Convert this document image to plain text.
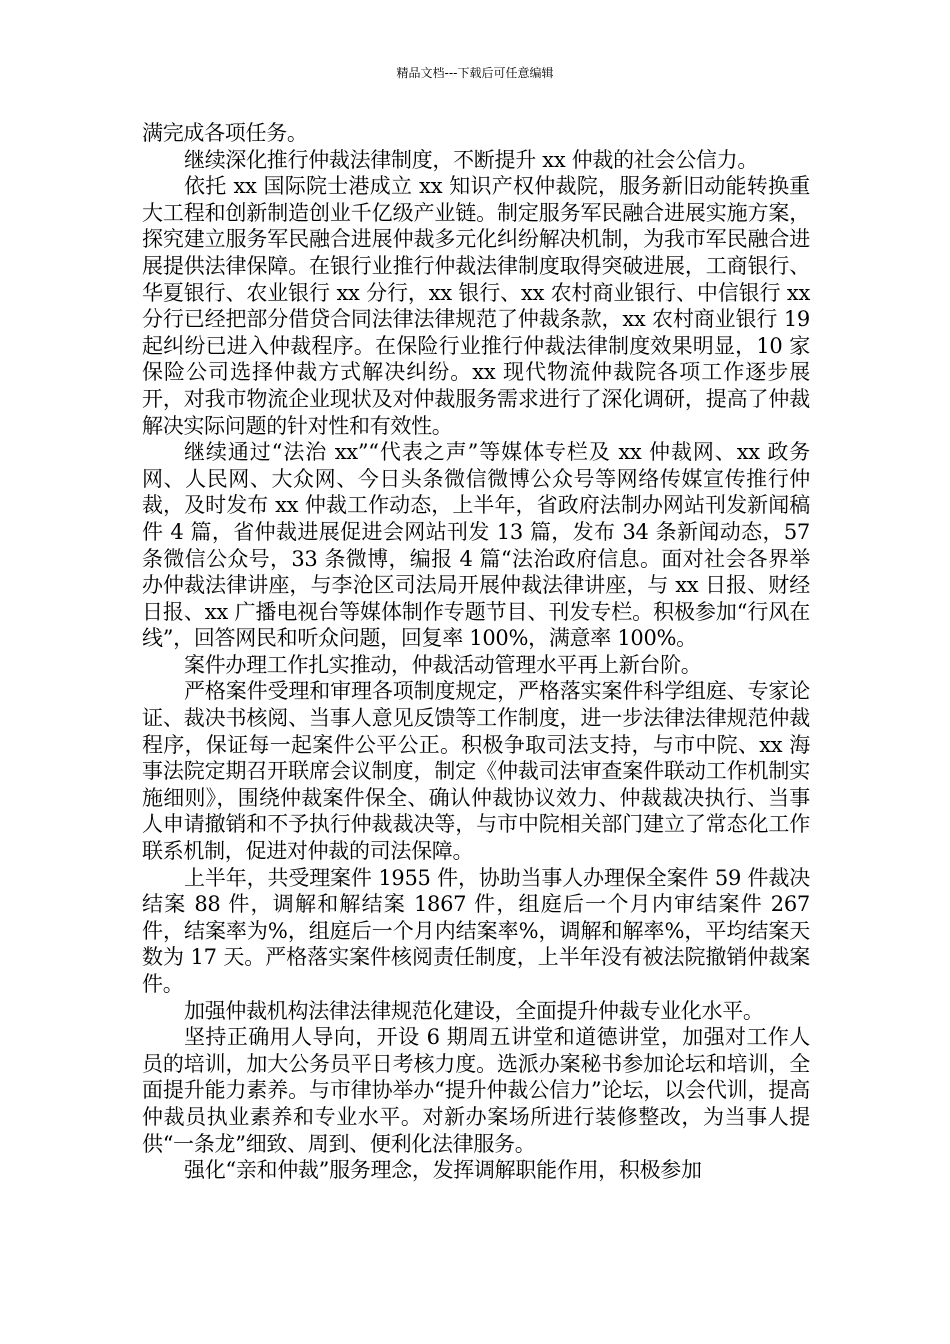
精品文档---下载后可任意编辑

满完成各项任务。

继续深化推行仲裁法律制度，不断提升 xx 仲裁的社会公信力。

依托 xx 国际院士港成立 xx 知识产权仲裁院，服务新旧动能转换重大工程和创新制造创业千亿级产业链。制定服务军民融合进展实施方案，探究建立服务军民融合进展仲裁多元化纠纷解决机制，为我市军民融合进展提供法律保障。在银行业推行仲裁法律制度取得突破进展，工商银行、华夏银行、农业银行 xx 分行，xx 银行、xx 农村商业银行、中信银行 xx 分行已经把部分借贷合同法律法律规范了仲裁条款，xx 农村商业银行 19 起纠纷已进入仲裁程序。在保险行业推行仲裁法律制度效果明显，10 家保险公司选择仲裁方式解决纠纷。xx 现代物流仲裁院各项工作逐步展开，对我市物流企业现状及对仲裁服务需求进行了深化调研，提高了仲裁解决实际问题的针对性和有效性。

继续通过“法治 xx”“代表之声”等媒体专栏及 xx 仲裁网、xx 政务网、人民网、大众网、今日头条微信微博公众号等网络传媒宣传推行仲裁，及时发布 xx 仲裁工作动态，上半年，省政府法制办网站刊发新闻稿件 4 篇，省仲裁进展促进会网站刊发 13 篇，发布 34 条新闻动态，57 条微信公众号，33 条微博，编报 4 篇“法治政府信息。面对社会各界举办仲裁法律讲座，与李沧区司法局开展仲裁法律讲座，与 xx 日报、财经日报、xx 广播电视台等媒体制作专题节目、刊发专栏。积极参加“行风在线”，回答网民和听众问题，回复率 100%，满意率 100%。

案件办理工作扎实推动，仲裁活动管理水平再上新台阶。

严格案件受理和审理各项制度规定，严格落实案件科学组庭、专家论证、裁决书核阅、当事人意见反馈等工作制度，进一步法律法律规范仲裁程序，保证每一起案件公平公正。积极争取司法支持，与市中院、xx 海事法院定期召开联席会议制度，制定《仲裁司法审查案件联动工作机制实施细则》，围绕仲裁案件保全、确认仲裁协议效力、仲裁裁决执行、当事人申请撤销和不予执行仲裁裁决等，与市中院相关部门建立了常态化工作联系机制，促进对仲裁的司法保障。

上半年，共受理案件 1955 件，协助当事人办理保全案件 59 件裁决结案 88 件，调解和解结案 1867 件，组庭后一个月内审结案件 267 件，结案率为%，组庭后一个月内结案率%，调解和解率%，平均结案天数为 17 天。严格落实案件核阅责任制度，上半年没有被法院撤销仲裁案件。

加强仲裁机构法律法律规范化建设，全面提升仲裁专业化水平。

坚持正确用人导向，开设 6 期周五讲堂和道德讲堂，加强对工作人员的培训，加大公务员平日考核力度。选派办案秘书参加论坛和培训，全面提升能力素养。与市律协举办“提升仲裁公信力”论坛，以会代训，提高仲裁员执业素养和专业水平。对新办案场所进行装修整改，为当事人提供“一条龙”细致、周到、便利化法律服务。

强化“亲和仲裁”服务理念，发挥调解职能作用，积极参加
